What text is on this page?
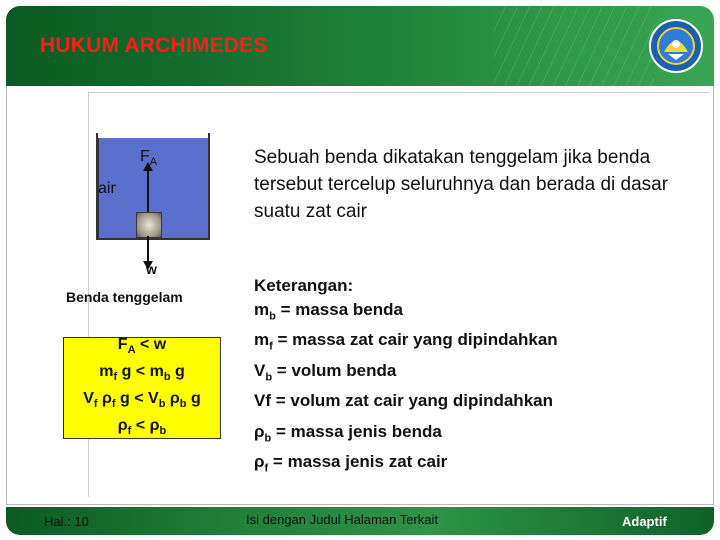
HUKUM ARCHIMEDES
$F_A$
air
w
Benda tenggelam
$F_A < w$
$m_f$ $g < m_b$ g
$V_f$ $\rho_f$ $g < V_b$ $\rho_b$ g
$\rho_f < \rho_b$
Sebuah benda dikatakan tenggelam jika benda tersebut tercelup seluruhnya dan berada di dasar suatu zat cair
Keterangan:
$m_b$ = massa benda
$m_f$ = massa zat cair yang dipindahkan
$V_b$ = volum benda
Vf = volum zat cair yang dipindahkan
$\rho_b$ = massa jenis benda
$\rho_f$ = massa jenis zat cair
Hal.: 10	Isi dengan Judul Halaman Terkait	Adaptif
